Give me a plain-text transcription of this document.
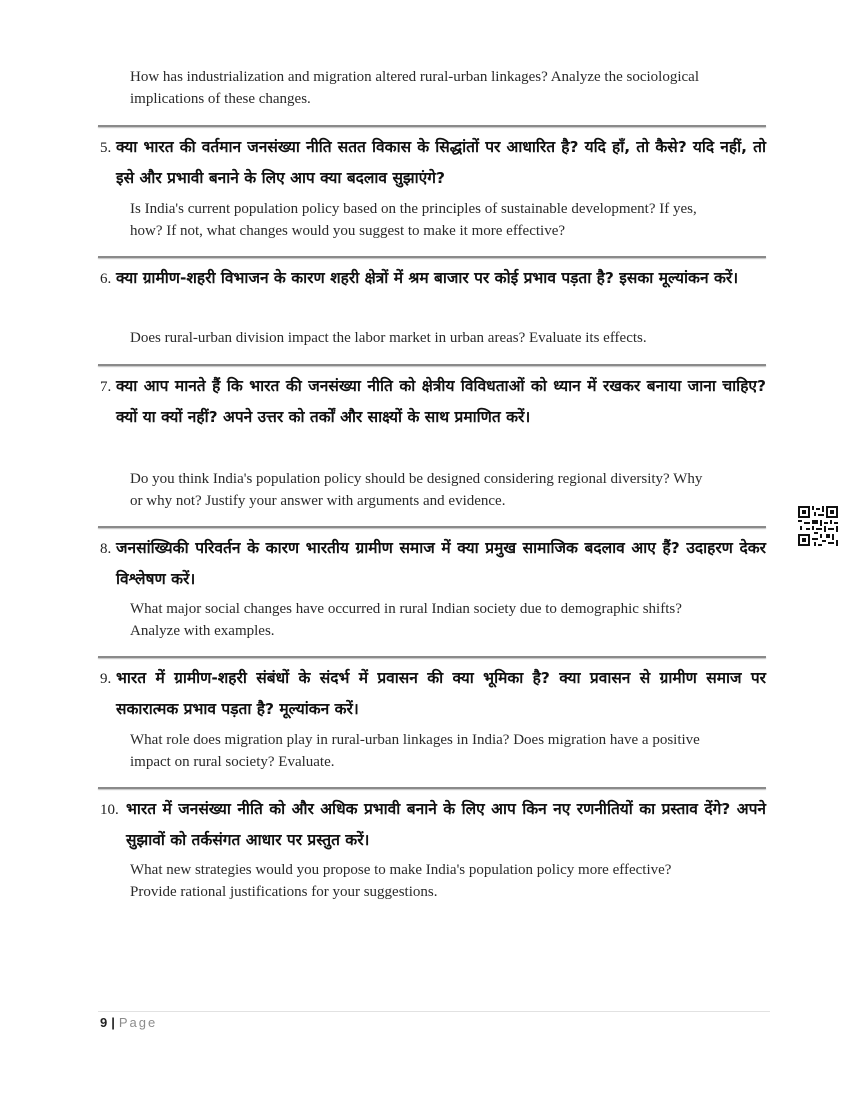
How has industrialization and migration altered rural-urban linkages? Analyze the sociological
implications of these changes.
5. क्या भारत की वर्तमान जनसंख्या नीति सतत विकास के सिद्धांतों पर आधारित है? यदि हाँ, तो कैसे? यदि नहीं, तो इसे और प्रभावी बनाने के लिए आप क्या बदलाव सुझाएंगे?
Is India's current population policy based on the principles of sustainable development? If yes,
how? If not, what changes would you suggest to make it more effective?
6. क्या ग्रामीण-शहरी विभाजन के कारण शहरी क्षेत्रों में श्रम बाजार पर कोई प्रभाव पड़ता है? इसका मूल्यांकन करें।
Does rural-urban division impact the labor market in urban areas? Evaluate its effects.
7. क्या आप मानते हैं कि भारत की जनसंख्या नीति को क्षेत्रीय विविधताओं को ध्यान में रखकर बनाया जाना चाहिए? क्यों या क्यों नहीं? अपने उत्तर को तर्कों और साक्ष्यों के साथ प्रमाणित करें।
Do you think India's population policy should be designed considering regional diversity? Why
or why not? Justify your answer with arguments and evidence.
8. जनसांख्यिकी परिवर्तन के कारण भारतीय ग्रामीण समाज में क्या प्रमुख सामाजिक बदलाव आए हैं? उदाहरण देकर विश्लेषण करें।
What major social changes have occurred in rural Indian society due to demographic shifts?
Analyze with examples.
9. भारत में ग्रामीण-शहरी संबंधों के संदर्भ में प्रवासन की क्या भूमिका है? क्या प्रवासन से ग्रामीण समाज पर सकारात्मक प्रभाव पड़ता है? मूल्यांकन करें।
What role does migration play in rural-urban linkages in India? Does migration have a positive
impact on rural society? Evaluate.
10. भारत में जनसंख्या नीति को और अधिक प्रभावी बनाने के लिए आप किन नए रणनीतियों का प्रस्ताव देंगे? अपने सुझावों को तर्कसंगत आधार पर प्रस्तुत करें।
What new strategies would you propose to make India's population policy more effective?
Provide rational justifications for your suggestions.
9 | Page
